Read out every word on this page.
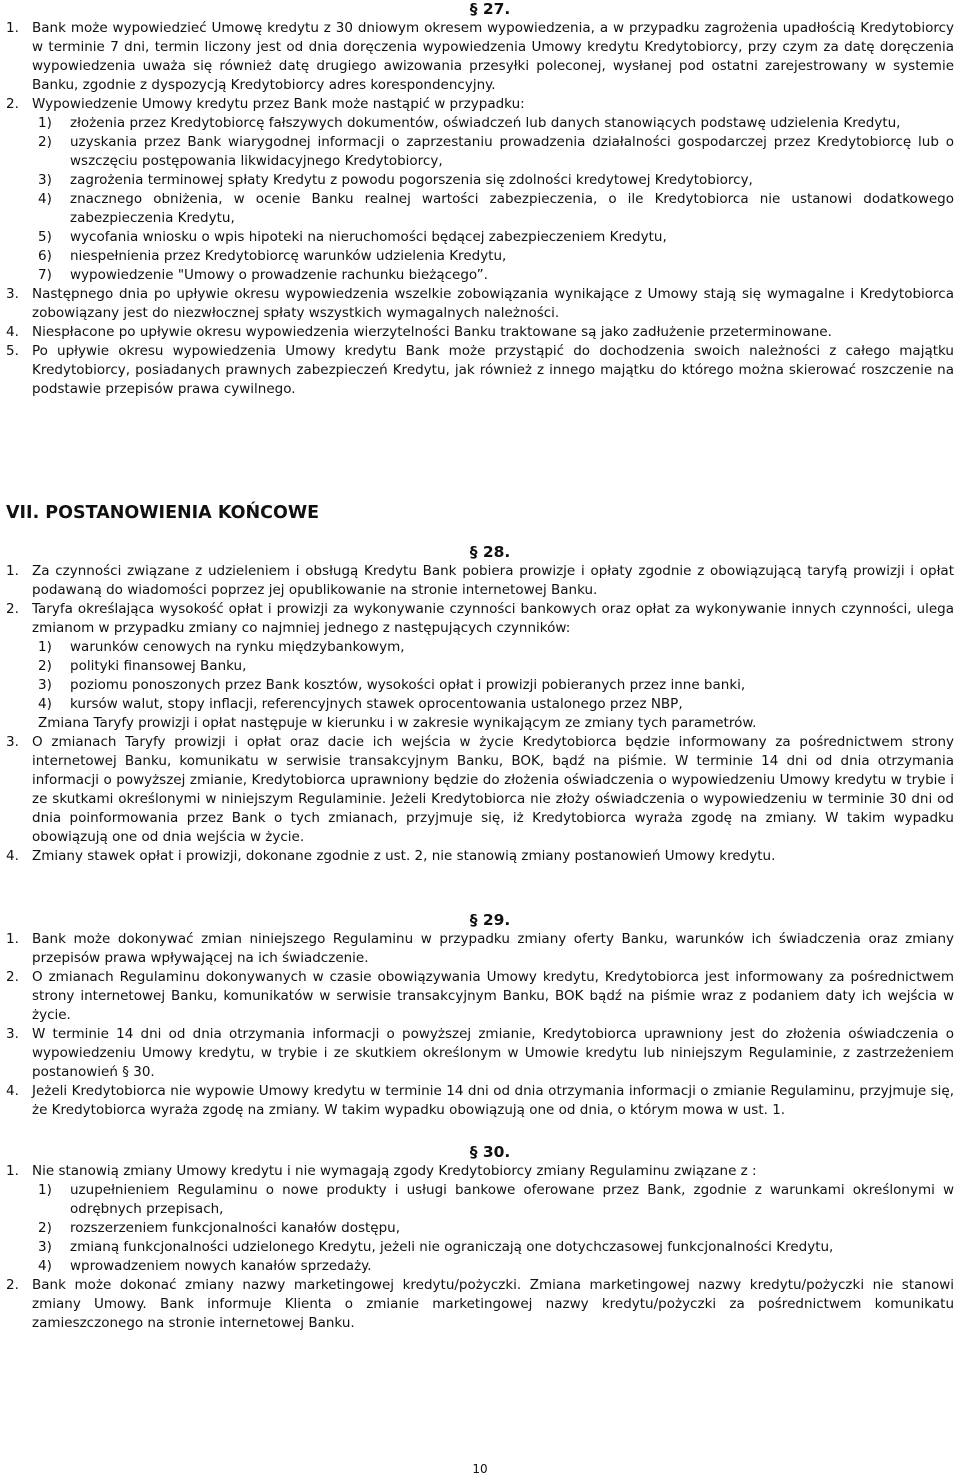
§ 27.

1. Bank może wypowiedzieć Umowę kredytu z 30 dniowym okresem wypowiedzenia, a w przypadku zagrożenia upadłością Kredytobiorcy w terminie 7 dni, termin liczony jest od dnia doręczenia wypowiedzenia Umowy kredytu Kredytobiorcy, przy czym za datę doręczenia wypowiedzenia uważa się również datę drugiego awizowania przesyłki poleconej, wysłanej pod ostatni zarejestrowany w systemie Banku, zgodnie z dyspozycją Kredytobiorcy adres korespondencyjny.

2. Wypowiedzenie Umowy kredytu przez Bank może nastąpić w przypadku:

1) złożenia przez Kredytobiorcę fałszywych dokumentów, oświadczeń lub danych stanowiących podstawę udzielenia Kredytu,

2) uzyskania przez Bank wiarygodnej informacji o zaprzestaniu prowadzenia działalności gospodarczej przez Kredytobiorcę lub o wszczęciu postępowania likwidacyjnego Kredytobiorcy,

3) zagrożenia terminowej spłaty Kredytu z powodu pogorszenia się zdolności kredytowej Kredytobiorcy,

4) znacznego obniżenia, w ocenie Banku realnej wartości zabezpieczenia, o ile Kredytobiorca nie ustanowi dodatkowego zabezpieczenia Kredytu,

5) wycofania wniosku o wpis hipoteki na nieruchomości będącej zabezpieczeniem Kredytu,

6) niespełnienia przez Kredytobiorcę warunków udzielenia Kredytu,

7) wypowiedzenie "Umowy o prowadzenie rachunku bieżącego”.

3. Następnego dnia po upływie okresu wypowiedzenia wszelkie zobowiązania wynikające z Umowy stają się wymagalne i Kredytobiorca zobowiązany jest do niezwłocznej spłaty wszystkich wymagalnych należności.

4. Niespłacone po upływie okresu wypowiedzenia wierzytelności Banku traktowane są jako zadłużenie przeterminowane.

5. Po upływie okresu wypowiedzenia Umowy kredytu Bank może przystąpić do dochodzenia swoich należności z całego majątku Kredytobiorcy, posiadanych prawnych zabezpieczeń Kredytu, jak również z innego majątku do którego można skierować roszczenie na podstawie przepisów prawa cywilnego.

VII. POSTANOWIENIA KOŃCOWE

§ 28.

1. Za czynności związane z udzieleniem i obsługą Kredytu Bank pobiera prowizje i opłaty zgodnie z obowiązującą taryfą prowizji i opłat podawaną do wiadomości poprzez jej opublikowanie na stronie internetowej Banku.

2. Taryfa określająca wysokość opłat i prowizji za wykonywanie czynności bankowych oraz opłat za wykonywanie innych czynności, ulega zmianom w przypadku zmiany co najmniej jednego z następujących czynników:

1) warunków cenowych na rynku międzybankowym,

2) polityki finansowej Banku,

3) poziomu ponoszonych przez Bank kosztów, wysokości opłat i prowizji pobieranych przez inne banki,

4) kursów walut, stopy inflacji, referencyjnych stawek oprocentowania ustalonego przez NBP,

Zmiana Taryfy prowizji i opłat następuje w kierunku i w zakresie wynikającym ze zmiany tych parametrów.

3. O zmianach Taryfy prowizji i opłat oraz dacie ich wejścia w życie Kredytobiorca będzie informowany za pośrednictwem strony internetowej Banku, komunikatu w serwisie transakcyjnym Banku, BOK, bądź na piśmie. W terminie 14 dni od dnia otrzymania informacji o powyższej zmianie, Kredytobiorca uprawniony będzie do złożenia oświadczenia o wypowiedzeniu Umowy kredytu w trybie i ze skutkami określonymi w niniejszym Regulaminie. Jeżeli Kredytobiorca nie złoży oświadczenia o wypowiedzeniu w terminie 30 dni od dnia poinformowania przez Bank o tych zmianach, przyjmuje się, iż Kredytobiorca wyraża zgodę na zmiany. W takim wypadku obowiązują one od dnia wejścia w życie.

4. Zmiany stawek opłat i prowizji, dokonane zgodnie z ust. 2, nie stanowią zmiany postanowień Umowy kredytu.

§ 29.

1. Bank może dokonywać zmian niniejszego Regulaminu w przypadku zmiany oferty Banku, warunków ich świadczenia oraz zmiany przepisów prawa wpływającej na ich świadczenie.

2. O zmianach Regulaminu dokonywanych w czasie obowiązywania Umowy kredytu, Kredytobiorca jest informowany za pośrednictwem strony internetowej Banku, komunikatów w serwisie transakcyjnym Banku, BOK bądź na piśmie wraz z podaniem daty ich wejścia w życie.

3. W terminie 14 dni od dnia otrzymania informacji o powyższej zmianie, Kredytobiorca uprawniony jest do złożenia oświadczenia o wypowiedzeniu Umowy kredytu, w trybie i ze skutkiem określonym w Umowie kredytu lub niniejszym Regulaminie, z zastrzeżeniem postanowień § 30.

4. Jeżeli Kredytobiorca nie wypowie Umowy kredytu w terminie 14 dni od dnia otrzymania informacji o zmianie Regulaminu, przyjmuje się, że Kredytobiorca wyraża zgodę na zmiany. W takim wypadku obowiązują one od dnia, o którym mowa w ust. 1.

§ 30.

1. Nie stanowią zmiany Umowy kredytu i nie wymagają zgody Kredytobiorcy zmiany Regulaminu związane z :

1) uzupełnieniem Regulaminu o nowe produkty i usługi bankowe oferowane przez Bank, zgodnie z warunkami określonymi w odrębnych przepisach,

2) rozszerzeniem funkcjonalności kanałów dostępu,

3) zmianą funkcjonalności udzielonego Kredytu, jeżeli nie ograniczają one dotychczasowej funkcjonalności Kredytu,

4) wprowadzeniem nowych kanałów sprzedaży.

2. Bank może dokonać zmiany nazwy marketingowej kredytu/pożyczki. Zmiana marketingowej nazwy kredytu/pożyczki nie stanowi zmiany Umowy. Bank informuje Klienta o zmianie marketingowej nazwy kredytu/pożyczki za pośrednictwem komunikatu zamieszczonego na stronie internetowej Banku.

10
